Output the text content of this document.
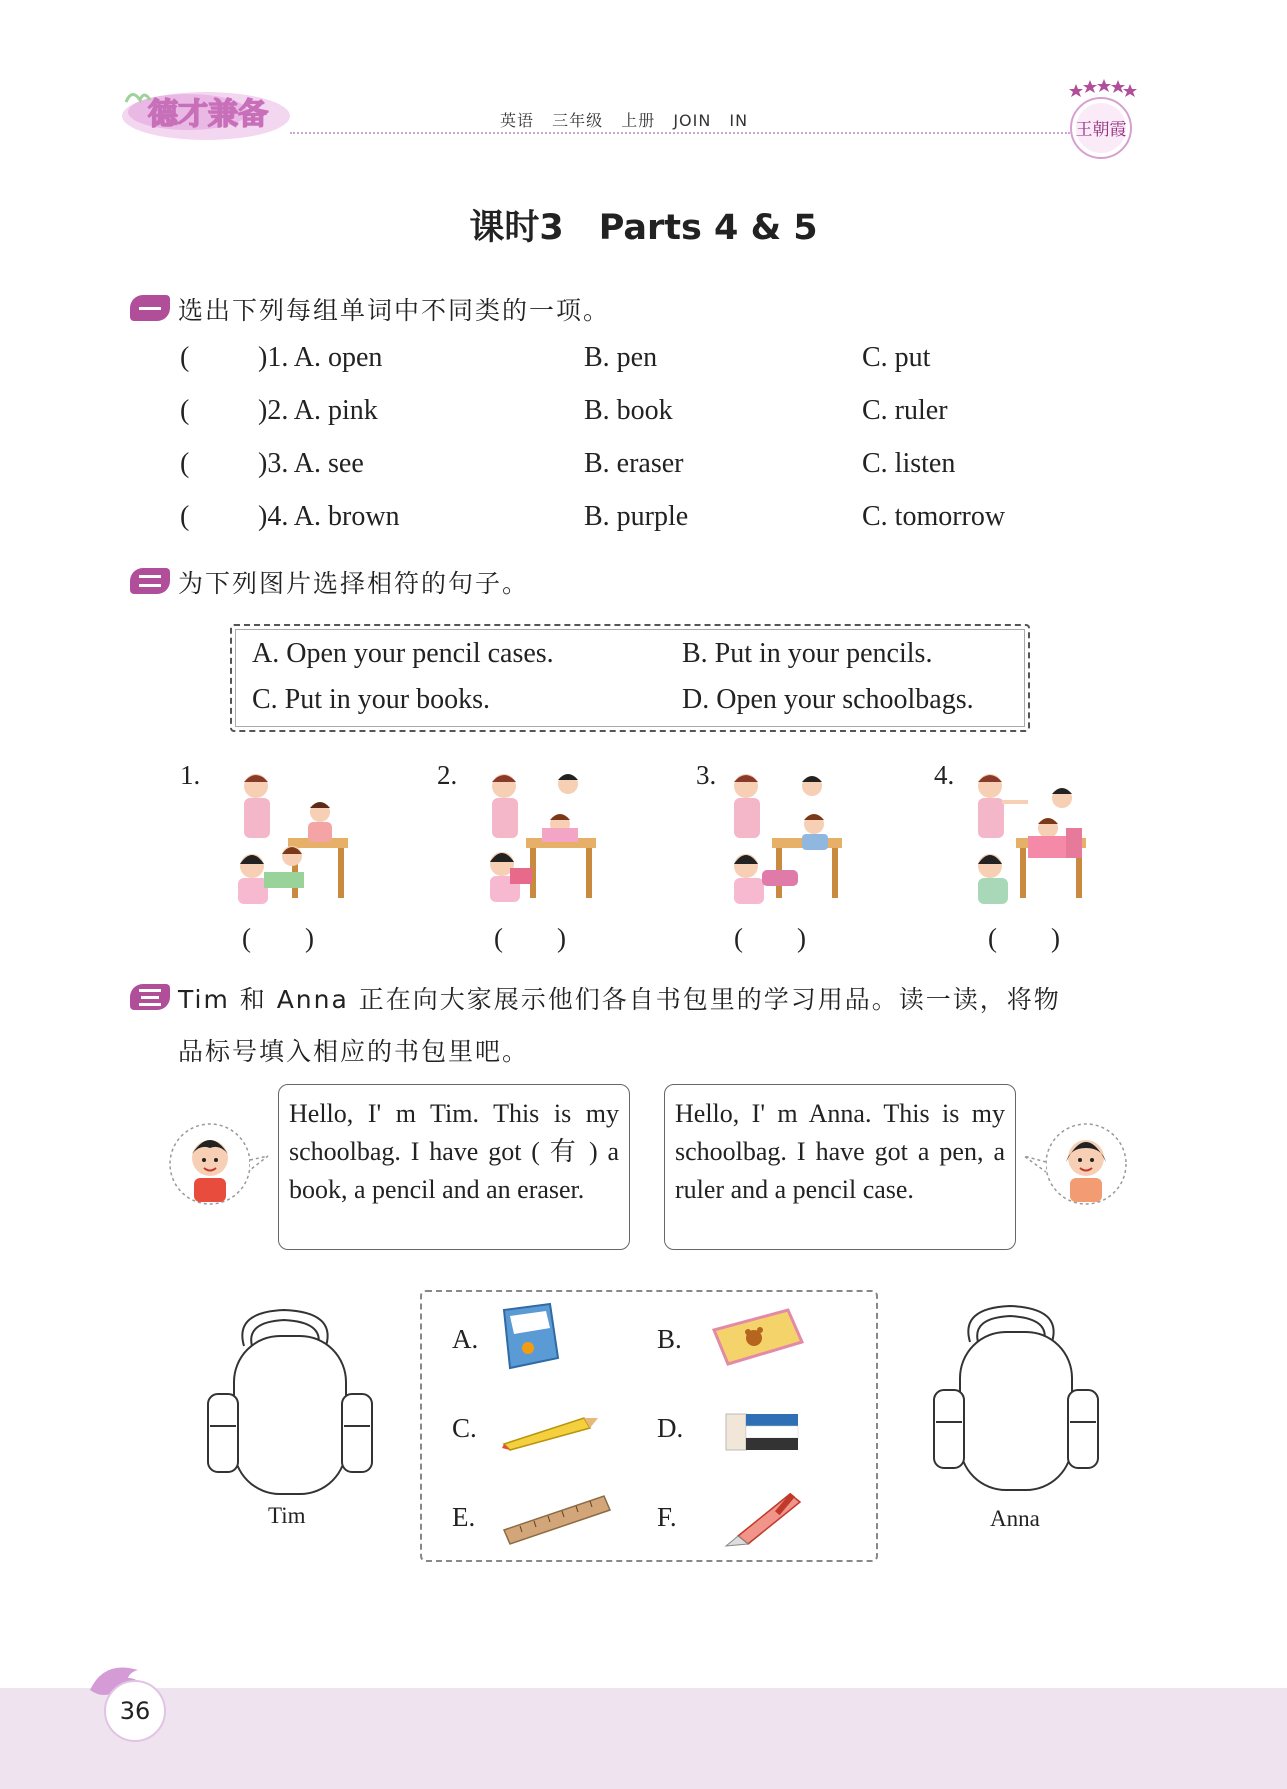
德才兼备	英语 三年级 上册 JOIN IN	王朝霞
课时3　Parts 4 & 5
选出下列每组单词中不同类的一项。
( )1. A. open	B. pen	C. put
( )2. A. pink	B. book	C. ruler
( )3. A. see	B. eraser	C. listen
( )4. A. brown	B. purple	C. tomorrow
为下列图片选择相符的句子。
A. Open your pencil cases.	B. Put in your pencils.
C. Put in your books.	D. Open your schoolbags.
1.	2.	3.	4.
(　　)	(　　)	(　　)	(　　)
Tim 和 Anna 正在向大家展示他们各自书包里的学习用品。读一读，将物
品标号填入相应的书包里吧。
Hello, I' m Tim. This is my schoolbag. I have got ( 有 ) a book, a pencil and an eraser.
Hello, I' m Anna. This is my schoolbag. I have got a pen, a ruler and a pencil case.
Tim
A.	B.
C.	D.
E.	F.	Anna
36
